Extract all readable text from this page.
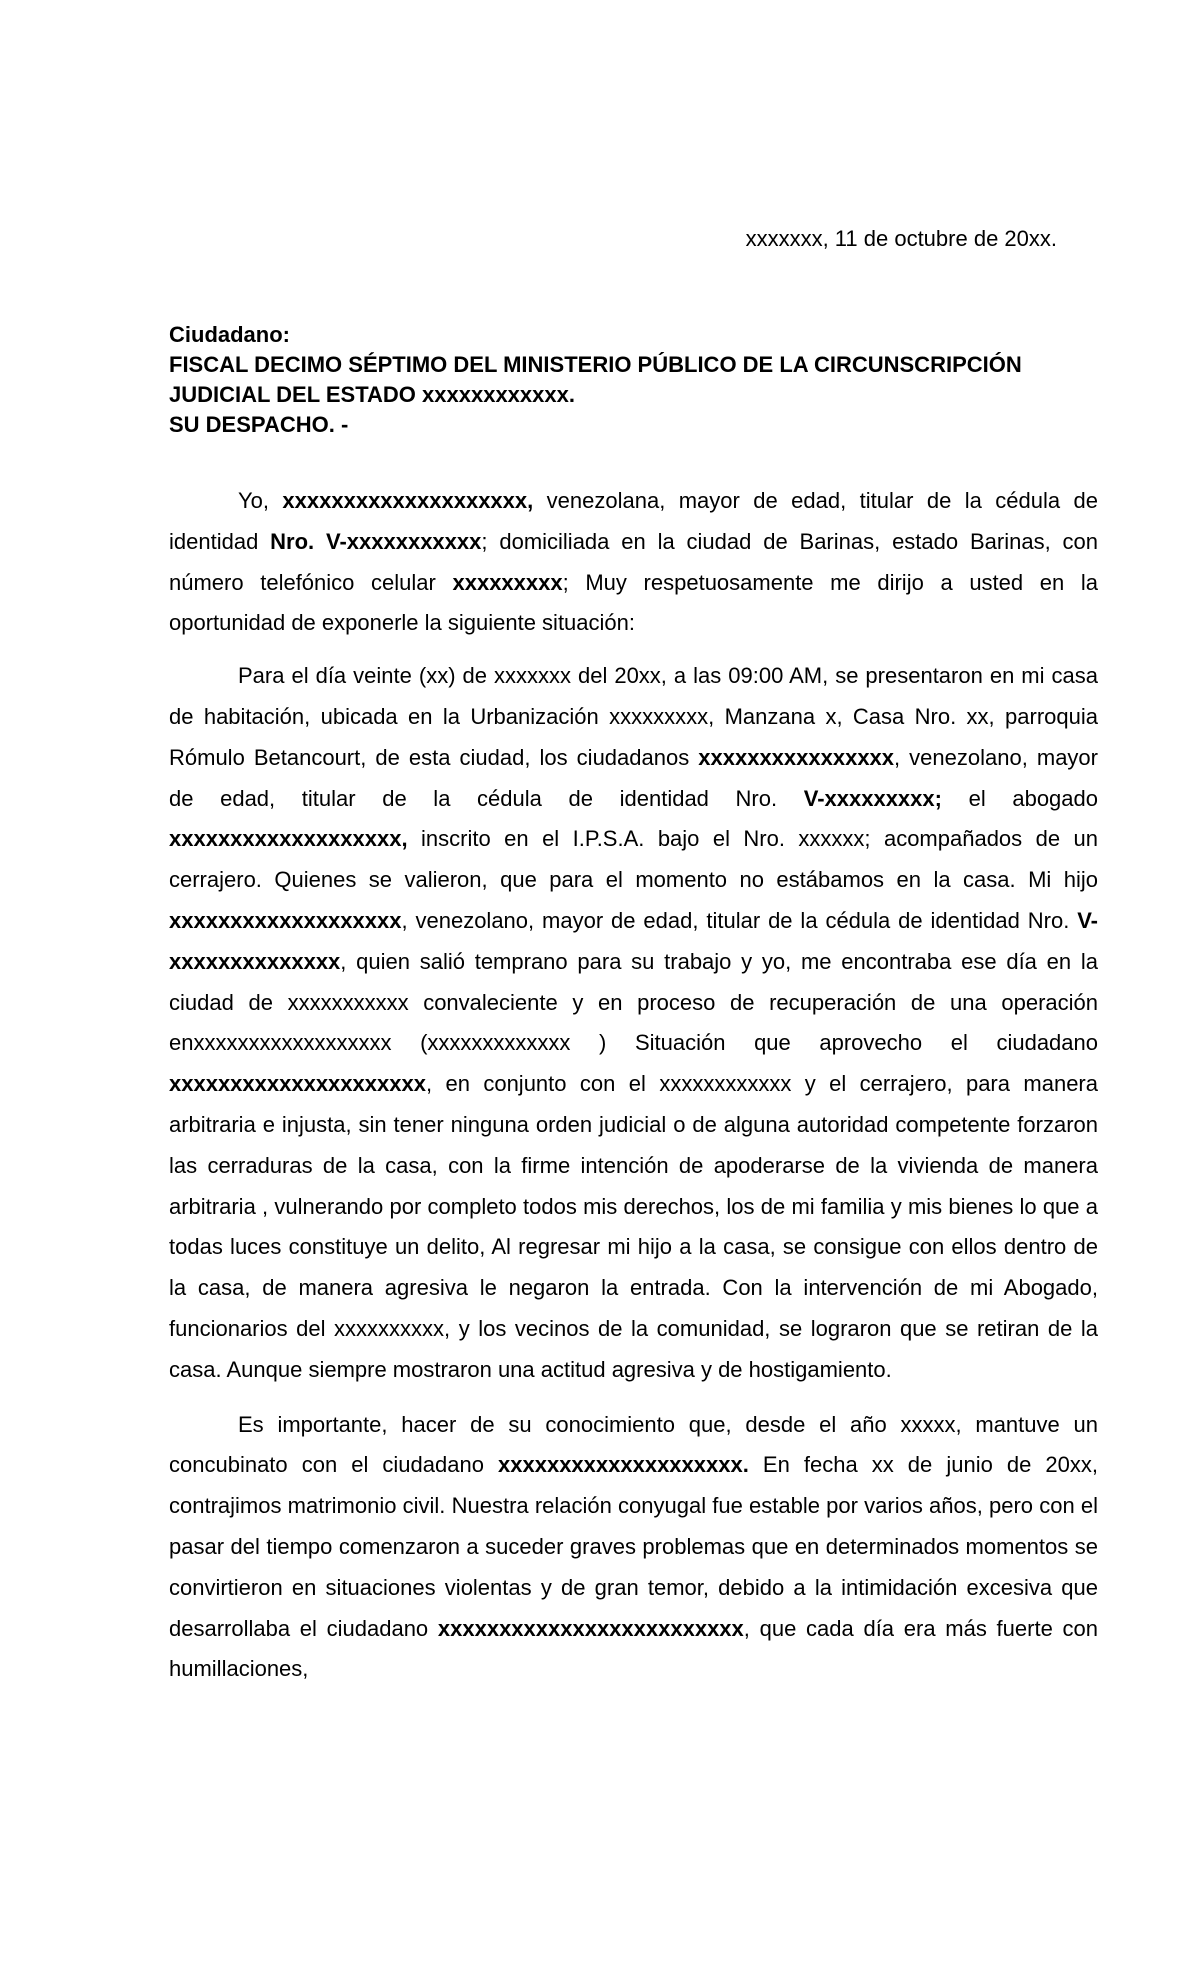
xxxxxxx, 11 de octubre de 20xx.
Ciudadano:
FISCAL DECIMO SÉPTIMO DEL MINISTERIO PÚBLICO DE LA CIRCUNSCRIPCIÓN
JUDICIAL DEL ESTADO xxxxxxxxxxxx.
SU DESPACHO. -

Yo, xxxxxxxxxxxxxxxxxxxx, venezolana, mayor de edad, titular de la cédula de identidad Nro. V-xxxxxxxxxxx; domiciliada en la ciudad de Barinas, estado Barinas, con número telefónico celular xxxxxxxxx; Muy respetuosamente me dirijo a usted en la oportunidad de exponerle la siguiente situación:

Para el día veinte (xx) de xxxxxxx del 20xx, a las 09:00 AM, se presentaron en mi casa de habitación, ubicada en la Urbanización xxxxxxxxx, Manzana x, Casa Nro. xx, parroquia Rómulo Betancourt, de esta ciudad, los ciudadanos xxxxxxxxxxxxxxxx, venezolano, mayor de edad, titular de la cédula de identidad Nro. V-xxxxxxxxx; el abogado xxxxxxxxxxxxxxxxxxx, inscrito en el I.P.S.A. bajo el Nro. xxxxxx; acompañados de un cerrajero. Quienes se valieron, que para el momento no estábamos en la casa. Mi hijo xxxxxxxxxxxxxxxxxxx, venezolano, mayor de edad, titular de la cédula de identidad Nro. V-xxxxxxxxxxxxxx, quien salió temprano para su trabajo y yo, me encontraba ese día en la ciudad de xxxxxxxxxxx convaleciente y en proceso de recuperación de una operación enxxxxxxxxxxxxxxxxxx (xxxxxxxxxxxxx ) Situación que aprovecho el ciudadano xxxxxxxxxxxxxxxxxxxxx, en conjunto con el xxxxxxxxxxxx y el cerrajero, para manera arbitraria e injusta, sin tener ninguna orden judicial o de alguna autoridad competente forzaron las cerraduras de la casa, con la firme intención de apoderarse de la vivienda de manera arbitraria , vulnerando por completo todos mis derechos, los de mi familia y mis bienes lo que a todas luces constituye un delito, Al regresar mi hijo a la casa, se consigue con ellos dentro de la casa, de manera agresiva le negaron la entrada. Con la intervención de mi Abogado, funcionarios del xxxxxxxxxx, y los vecinos de la comunidad, se lograron que se retiran de la casa. Aunque siempre mostraron una actitud agresiva y de hostigamiento.

Es importante, hacer de su conocimiento que, desde el año xxxxx, mantuve un concubinato con el ciudadano xxxxxxxxxxxxxxxxxxxx. En fecha xx de junio de 20xx, contrajimos matrimonio civil. Nuestra relación conyugal fue estable por varios años, pero con el pasar del tiempo comenzaron a suceder graves problemas que en determinados momentos se convirtieron en situaciones violentas y de gran temor, debido a la intimidación excesiva que desarrollaba el ciudadano xxxxxxxxxxxxxxxxxxxxxxxxx, que cada día era más fuerte con humillaciones,
